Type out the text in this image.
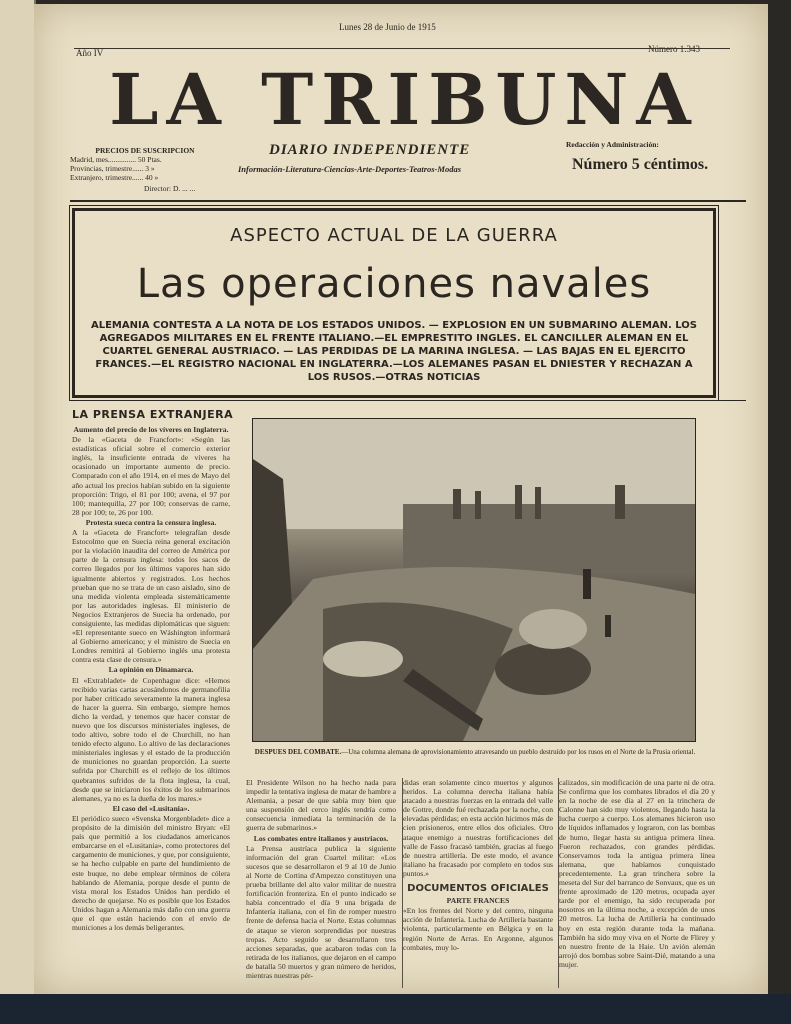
Año IV
Lunes 28 de Junio de 1915
Número 1.343
LA TRIBUNA
DIARIO INDEPENDIENTE
Información-Literatura-Ciencias-Arte-Deportes-Teatros-Modas
PRECIOS DE SUSCRIPCION
Madrid, mes............... 50 Ptas.
Provincias, trimestre...... 3 »
Extranjero, trimestre...... 40 »
Redacción y Administración:
Número 5 céntimos.
Director: D. ... ...
ASPECTO ACTUAL DE LA GUERRA
Las operaciones navales
ALEMANIA CONTESTA A LA NOTA DE LOS ESTADOS UNIDOS. — EXPLOSION EN UN SUBMARINO ALEMAN. LOS AGREGADOS MILITARES EN EL FRENTE ITALIANO.—EL EMPRESTITO INGLES. EL CANCILLER ALEMAN EN EL CUARTEL GENERAL AUSTRIACO. — LAS PERDIDAS DE LA MARINA INGLESA. — LAS BAJAS EN EL EJERCITO FRANCES.—EL REGISTRO NACIONAL EN INGLATERRA.—LOS ALEMANES PASAN EL DNIESTER Y RECHAZAN A LOS RUSOS.—OTRAS NOTICIAS
LA PRENSA EXTRANJERA
Aumento del precio de los víveres en Inglaterra.
De la «Gaceta de Francfort»: «Según las estadísticas oficial sobre el comercio exterior inglés, la insuficiente entrada de víveres ha ocasionado un importante aumento de precio. Comparado con el año 1914, en el mes de Mayo del año actual los precios habían subido en la siguiente proporción: Trigo, el 81 por 100; avena, el 97 por 100; mantequilla, 27 por 100; conservas de carne, 28 por 100; te, 26 por 100.
Protesta sueca contra la censura inglesa.
A la «Gaceta de Francfort» telegrafían desde Estocolmo que en Suecia reina general excitación por la violación inaudita del correo de América por parte de la censura inglesa: todos los sacos de correo llegados por los últimos vapores han sido igualmente abiertos y registrados. Los hechos prueban que no se trata de un caso aislado, sino de una medida violenta empleada sistemáticamente por las autoridades inglesas. El ministerio de Negocios Extranjeros de Suecia ha ordenado, por consiguiente, las medidas diplomáticas que siguen: «El representante sueco en Wáshington informará al Gobierno americano; y el ministro de Suecia en Londres remitirá al Gobierno inglés una protesta contra esta clase de censura.»
La opinión en Dinamarca.
El «Extrabladet» de Copenhague dice: «Hemos recibido varias cartas acusándonos de germanofilia por haber criticado severamente la manera inglesa de hacer la guerra. Sin embargo, siempre hemos dicho la verdad, y tenemos que hacer constar de nuevo que los discursos ministeriales ingleses, de todo altivo, sobre todo el de Churchill, no han tenido efecto alguno. Lo altivo de las declaraciones ministeriales inglesas y el estado de la producción de municiones no guardan proporción. La suerte sufrida por Churchill es el reflejo de los últimos quebrantos sufridos de la flota inglesa, la cual, desde que se iniciaron los éxitos de los submarinos alemanes, ya no es la dueña de los mares.»
El caso del «Lusitania».
El periódico sueco «Svenska Morgenbladet» dice a propósito de la dimisión del ministro Bryan: «El país que permitió a los ciudadanos americanos embarcarse en el «Lusitania», como protectores del cargamento de municiones, y que, por consiguiente, se ha hecho culpable en parte del hundimiento de este buque, no debe emplear términos de cólera hablando de Alemania, porque desde el punto de vista moral los Estados Unidos han perdido el derecho de quejarse. No es posible que los Estados Unidos hagan a Alemania más daño con una guerra que el que están haciendo con el envío de municiones a los demás beligerantes.
DESPUES DEL COMBATE.—Una columna alemana de aprovisionamiento atravesando un pueblo destruído por los rusos en el Norte de la Prusia oriental.
El Presidente Wilson no ha hecho nada para impedir la tentativa inglesa de matar de hambre a Alemania, a pesar de que sabía muy bien que una suspensión del cerco inglés tendría como consecuencia inmediata la terminación de la guerra de submarinos.»
Los combates entre italianos y austriacos.
La Prensa austríaca publica la siguiente información del gran Cuartel militar: «Los sucesos que se desarrollaron el 9 al 10 de Junio al Norte de Cortina d'Ampezzo constituyen una prueba brillante del alto valor militar de nuestra fortificación fronteriza. En el punto indicado se había concentrado el día 9 una brigada de Infantería italiana, con el fin de romper nuestro frente de defensa hacia el Norte. Estas columnas de ataque se vieron sorprendidas por nuestras tropas. Acto seguido se desarrollaron tres acciones separadas, que acabaron todas con la retirada de los italianos, que dejaron en el campo de batalla 50 muertos y gran número de heridos, mientras nuestras pér-
didas eran solamente cinco muertos y algunos heridos. La columna derecha italiana había atacado a nuestras fuerzas en la entrada del valle de Gottre, donde fué rechazada por la noche, con elevadas pérdidas; en esta acción hicimos más de cien prisioneros, entre ellos dos oficiales. Otro ataque enemigo a nuestras fortificaciones del valle de Fasso fracasó también, gracias al fuego de nuestra artillería. De este modo, el avance italiano ha fracasado por completo en todos sus puntos.»
DOCUMENTOS OFICIALES
PARTE FRANCES
«En los frentes del Norte y del centro, ninguna acción de Infantería. Lucha de Artillería bastante violenta, particularmente en Bélgica y en la región Norte de Arras. En Argonne, algunos combates, muy lo-
calizados, sin modificación de una parte ni de otra. Se confirma que los combates librados el día 20 y en la noche de ese día al 27 en la trinchera de Calonne han sido muy violentos, llegando hasta la lucha cuerpo a cuerpo. Los alemanes hicieron uso de líquidos inflamados y lograron, con las bombas de humo, llegar hasta su antigua primera línea. Fueron rechazados, con grandes pérdidas. Conservamos toda la antigua primera línea alemana, que habíamos conquistado precedentemente. La gran trinchera sobre la meseta del Sur del barranco de Sonvaux, que es un frente aproximado de 120 metros, ocupada ayer tarde por el enemigo, ha sido recuperada por nosotros en la última noche, a excepción de unos 20 metros. La lucha de Artillería ha continuado hoy en esta región durante toda la mañana. También ha sido muy viva en el Norte de Flirey y en nuestro frente de la Haie. Un avión alemán arrojó dos bombas sobre Saint-Dié, matando a una mujer.
